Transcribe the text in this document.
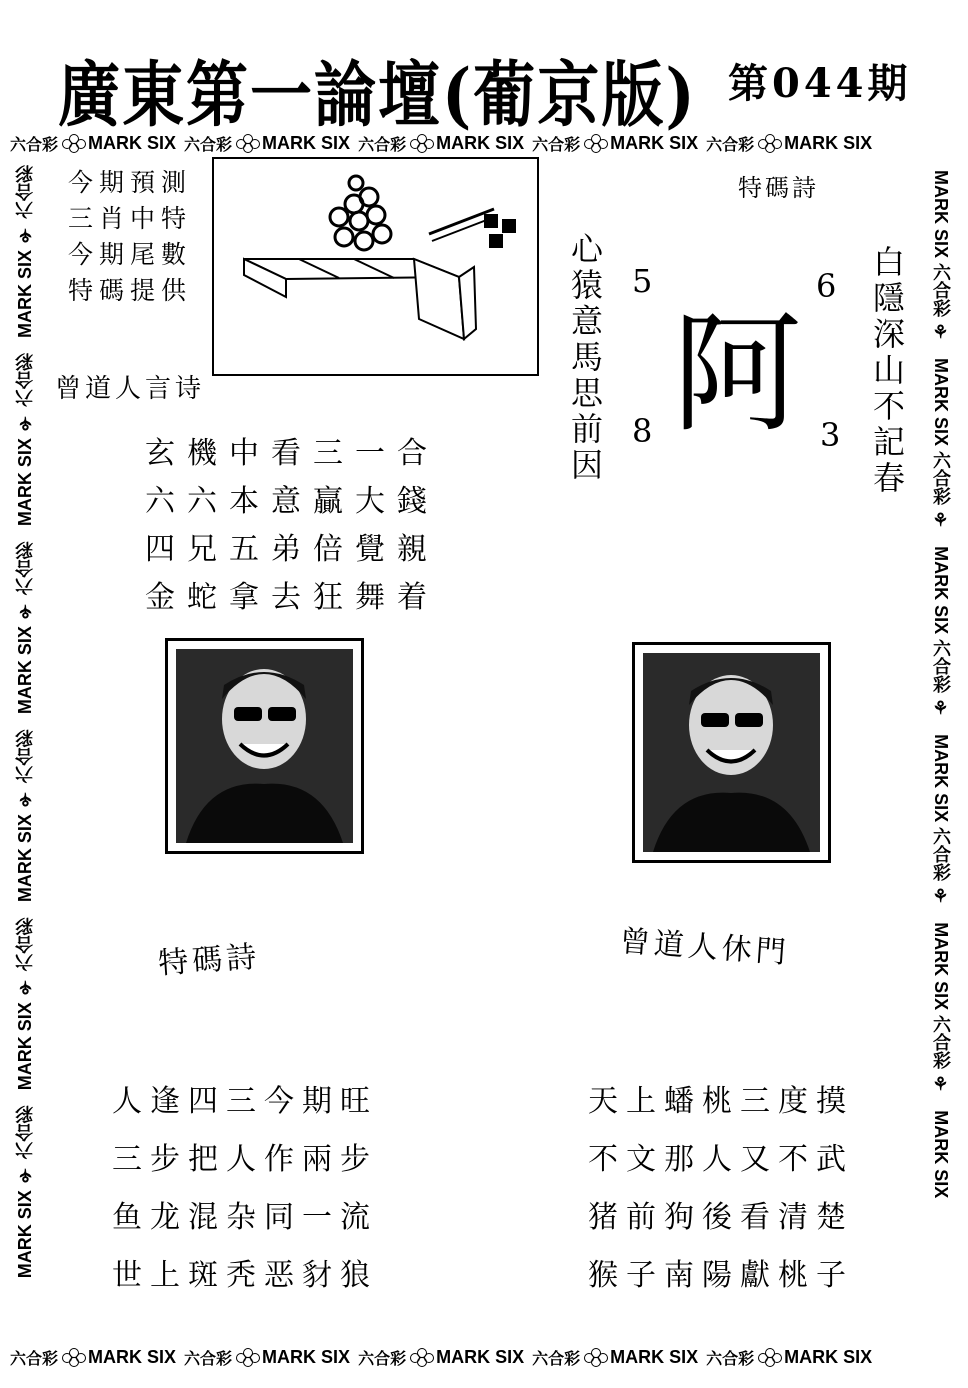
廣東第一論壇(葡京版) 第044期
六合彩 MARK SIX 六合彩 MARK SIX 六合彩 MARK SIX 六合彩 MARK SIX 六合彩 MARK SIX
六合彩 MARK SIX 六合彩 MARK SIX 六合彩 MARK SIX 六合彩 MARK SIX 六合彩 MARK SIX
MARK SIX ⚘ 六合彩   MARK SIX ⚘ 六合彩   MARK SIX ⚘ 六合彩   MARK SIX ⚘ 六合彩   MARK SIX ⚘ 六合彩   MARK SIX ⚘ 六合彩	MARK SIX 六合彩 ⚘   MARK SIX 六合彩 ⚘   MARK SIX 六合彩 ⚘   MARK SIX 六合彩 ⚘   MARK SIX 六合彩 ⚘   MARK SIX
今期預測
三肖中特
今期尾數
特碼提供
曾道人言诗
玄機中看三一合
六六本意贏大錢
四兄五弟倍覺親
金蛇拿去狂舞着
特碼詩
心猿意馬思前因	白隱深山不記春
阿
5	6
8	3
特碼詩	曾道人休門
人逢四三今期旺
三步把人作兩步
鱼龙混杂同一流
世上斑秃恶豺狼
天上蟠桃三度摸
不文那人又不武
猪前狗後看清楚
猴子南陽獻桃子
